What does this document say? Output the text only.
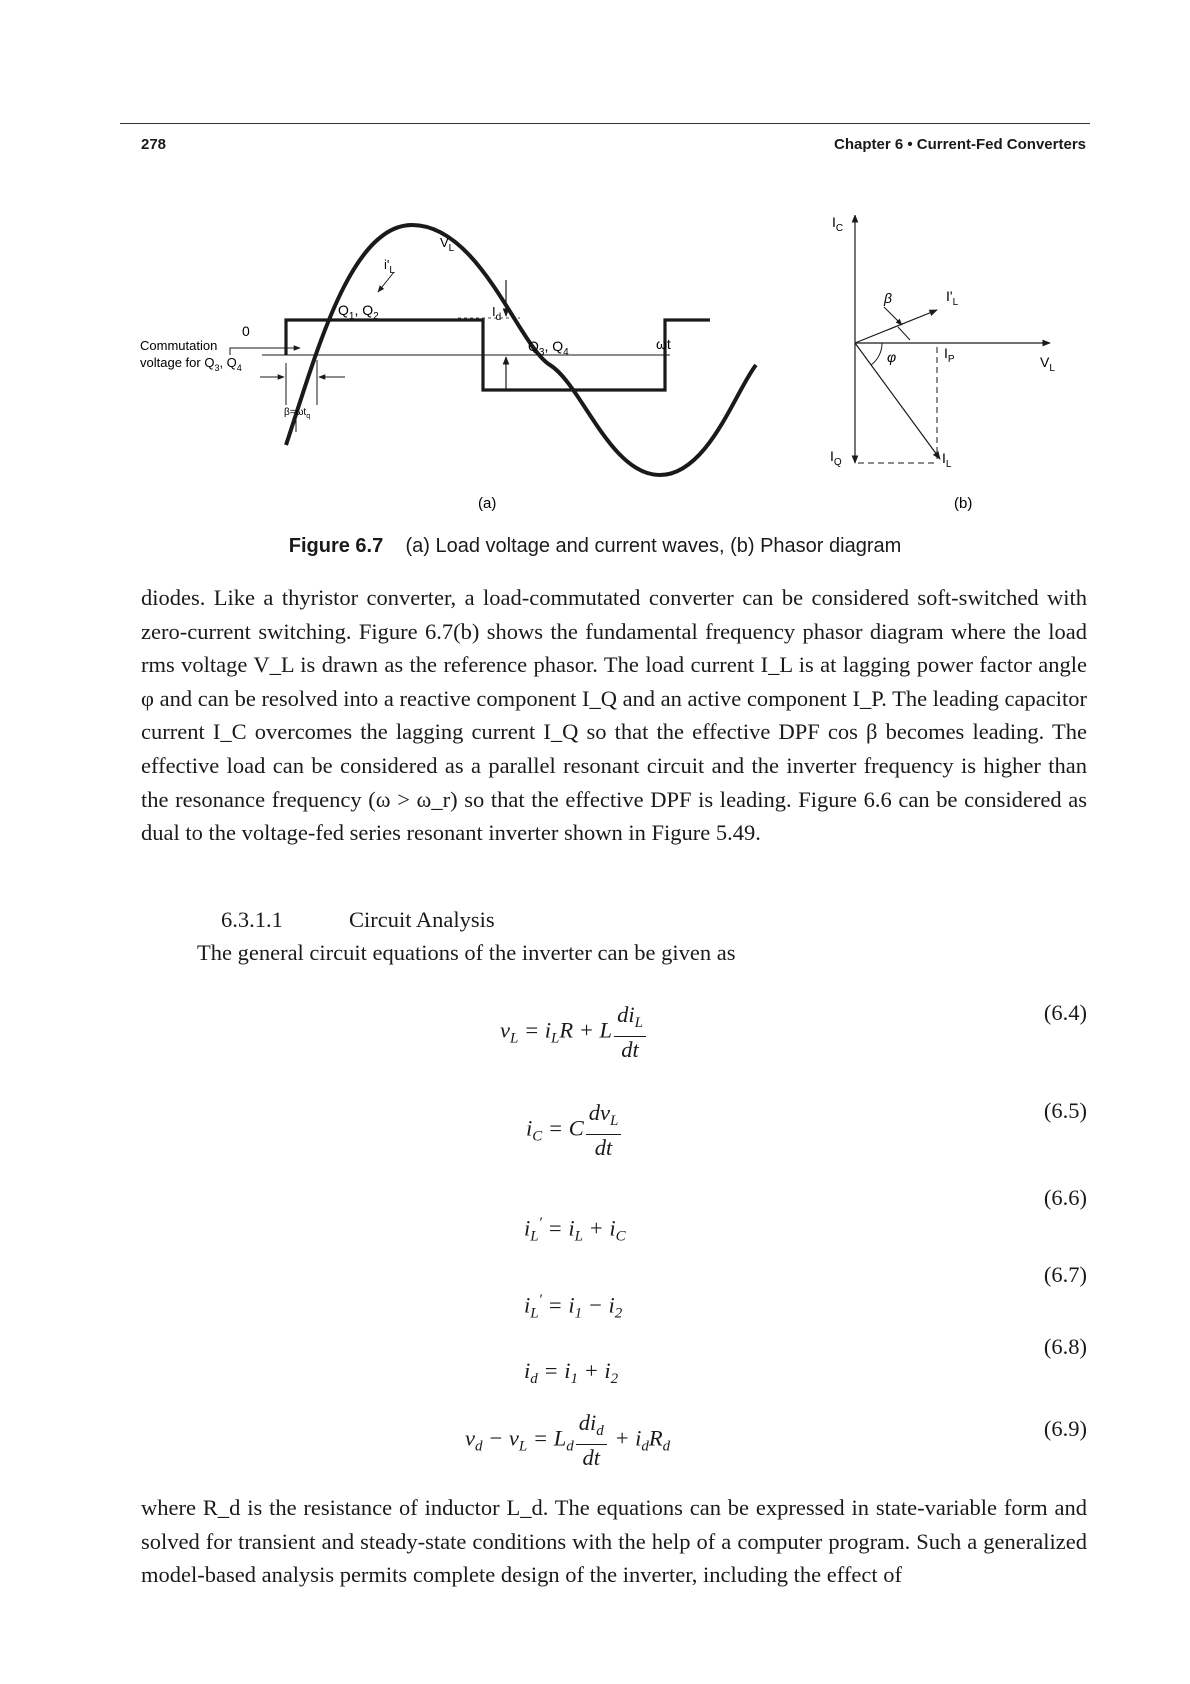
278	Chapter 6 • Current-Fed Converters
$V_L$
$i'_L$
$Q_1$, $Q_2$	$I_d$
$Q_3$, $Q_4$
0
ωt
Commutation
voltage for $Q_3$, $Q_4$
$\beta=\omega t_q$
(a)
$I_C$
β	$I'_L$
φ	$I_P$	$V_L$
$I_Q$	$I_L$
(b)
Figure 6.7 (a) Load voltage and current waves, (b) Phasor diagram
diodes. Like a thyristor converter, a load-commutated converter can be considered soft-switched with zero-current switching. Figure 6.7(b) shows the fundamental frequency phasor diagram where the load rms voltage V_L is drawn as the reference phasor. The load current I_L is at lagging power factor angle φ and can be resolved into a reactive component I_Q and an active component I_P. The leading capacitor current I_C overcomes the lagging current I_Q so that the effective DPF cos β becomes leading. The effective load can be considered as a parallel resonant circuit and the inverter frequency is higher than the resonance frequency (ω > ω_r) so that the effective DPF is leading. Figure 6.6 can be considered as dual to the voltage-fed series resonant inverter shown in Figure 5.49.
6.3.1.1	Circuit Analysis
The general circuit equations of the inverter can be given as
$v_L = i_LR + L \frac{di_L}{dt}$	(6.4)
$i_C = C \frac{dv_L}{dt}$	(6.5)
$i_L' = i_L + i_C$
(6.6)
$i_L' = i_1 - i_2$
(6.7)
$i_d = i_1 + i_2$
(6.8)
$v_d - v_L = L_d \frac{di_d}{dt} + i_dR_d$
(6.9)
where R_d is the resistance of inductor L_d. The equations can be expressed in state-variable form and solved for transient and steady-state conditions with the help of a computer program. Such a generalized model-based analysis permits complete design of the inverter, including the effect of
